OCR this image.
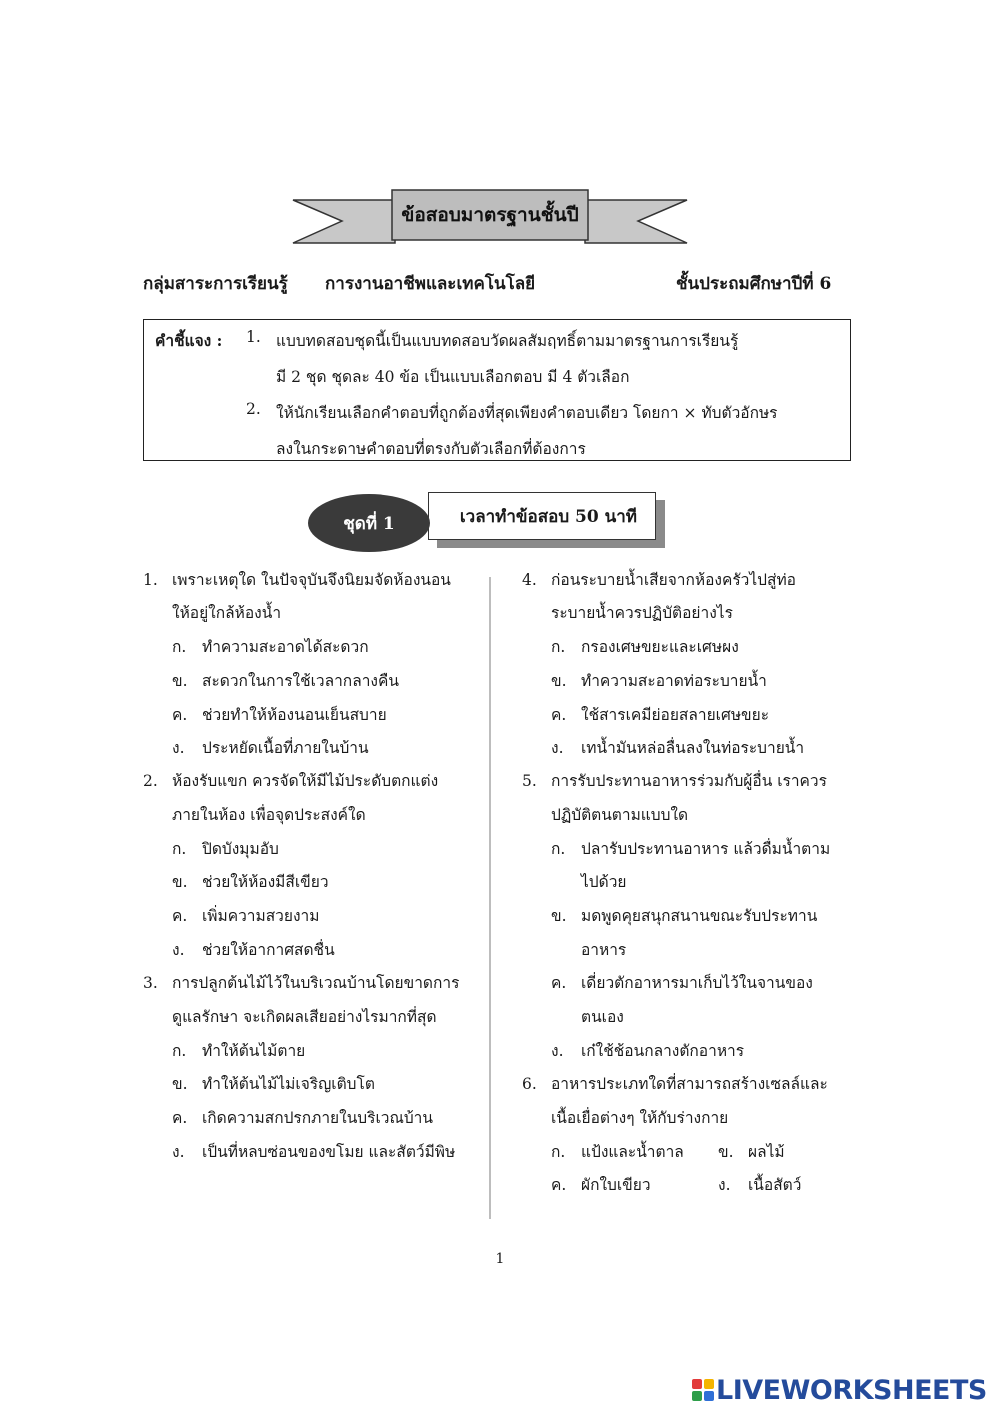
ข้อสอบมาตรฐานชั้นปี
กลุ่มสาระการเรียนรู้ การงานอาชีพและเทคโนโลยี	ชั้นประถมศึกษาปีที่ 6
คำชี้แจง : 1. แบบทดสอบชุดนี้เป็นแบบทดสอบวัดผลสัมฤทธิ์ตามมาตรฐานการเรียนรู้
มี 2 ชุด ชุดละ 40 ข้อ เป็นแบบเลือกตอบ มี 4 ตัวเลือก
2. ให้นักเรียนเลือกคำตอบที่ถูกต้องที่สุดเพียงคำตอบเดียว โดยกา × ทับตัวอักษร
ลงในกระดาษคำตอบที่ตรงกับตัวเลือกที่ต้องการ
เวลาทำข้อสอบ 50 นาที
ชุดที่ 1
1. เพราะเหตุใด ในปัจจุบันจึงนิยมจัดห้องนอน
ให้อยู่ใกล้ห้องน้ำ
ก. ทำความสะอาดได้สะดวก
ข. สะดวกในการใช้เวลากลางคืน
ค. ช่วยทำให้ห้องนอนเย็นสบาย
ง. ประหยัดเนื้อที่ภายในบ้าน
2. ห้องรับแขก ควรจัดให้มีไม้ประดับตกแต่ง
ภายในห้อง เพื่อจุดประสงค์ใด
ก. ปิดบังมุมอับ
ข. ช่วยให้ห้องมีสีเขียว
ค. เพิ่มความสวยงาม
ง. ช่วยให้อากาศสดชื่น
3. การปลูกต้นไม้ไว้ในบริเวณบ้านโดยขาดการ
ดูแลรักษา จะเกิดผลเสียอย่างไรมากที่สุด
ก. ทำให้ต้นไม้ตาย
ข. ทำให้ต้นไม้ไม่เจริญเติบโต
ค. เกิดความสกปรกภายในบริเวณบ้าน
ง. เป็นที่หลบซ่อนของขโมย และสัตว์มีพิษ
4. ก่อนระบายน้ำเสียจากห้องครัวไปสู่ท่อ
ระบายน้ำควรปฏิบัติอย่างไร
ก. กรองเศษขยะและเศษผง
ข. ทำความสะอาดท่อระบายน้ำ
ค. ใช้สารเคมีย่อยสลายเศษขยะ
ง. เทน้ำมันหล่อลื่นลงในท่อระบายน้ำ
5. การรับประทานอาหารร่วมกับผู้อื่น เราควร
ปฏิบัติตนตามแบบใด
ก. ปลารับประทานอาหาร แล้วดื่มน้ำตาม
ไปด้วย
ข. มดพูดคุยสนุกสนานขณะรับประทาน
อาหาร
ค. เดี่ยวตักอาหารมาเก็บไว้ในจานของ
ตนเอง
ง. เก๋ใช้ช้อนกลางตักอาหาร
6. อาหารประเภทใดที่สามารถสร้างเซลล์และ
เนื้อเยื่อต่างๆ ให้กับร่างกาย
ก. แป้งและน้ำตาล ข. ผลไม้
ค. ผักใบเขียว	ง. เนื้อสัตว์
1
LIVEWORKSHEETS
